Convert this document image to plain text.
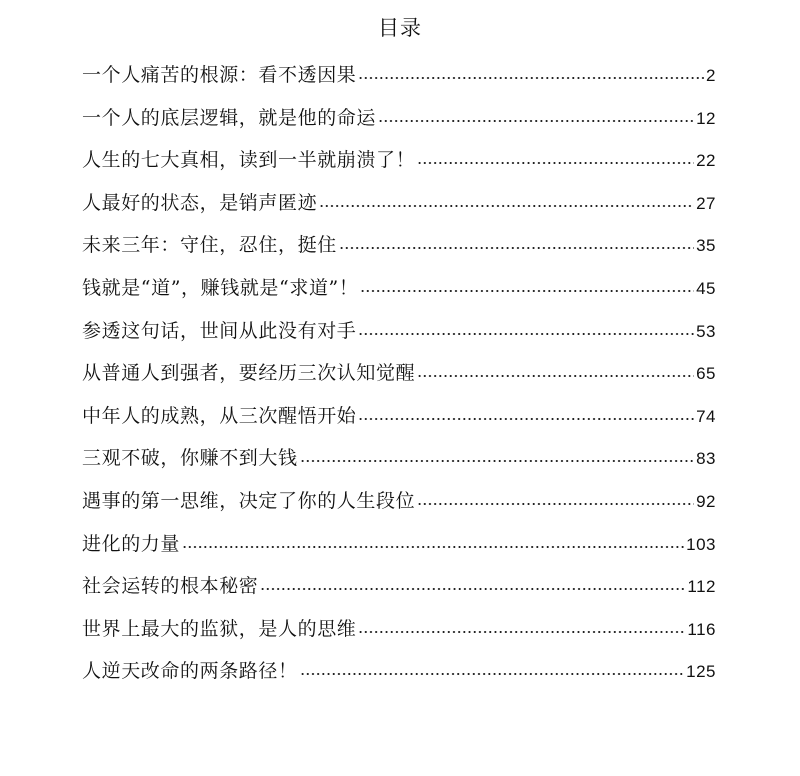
目录
一个人痛苦的根源：看不透因果	2
一个人的底层逻辑，就是他的命运	12
人生的七大真相，读到一半就崩溃了！	22
人最好的状态，是销声匿迹	27
未来三年：守住，忍住，挺住	35
钱就是“道”，赚钱就是“求道”！	45
参透这句话，世间从此没有对手	53
从普通人到强者，要经历三次认知觉醒	65
中年人的成熟，从三次醒悟开始	74
三观不破，你赚不到大钱	83
遇事的第一思维，决定了你的人生段位	92
进化的力量	103
社会运转的根本秘密	112
世界上最大的监狱，是人的思维	116
人逆天改命的两条路径！	125
